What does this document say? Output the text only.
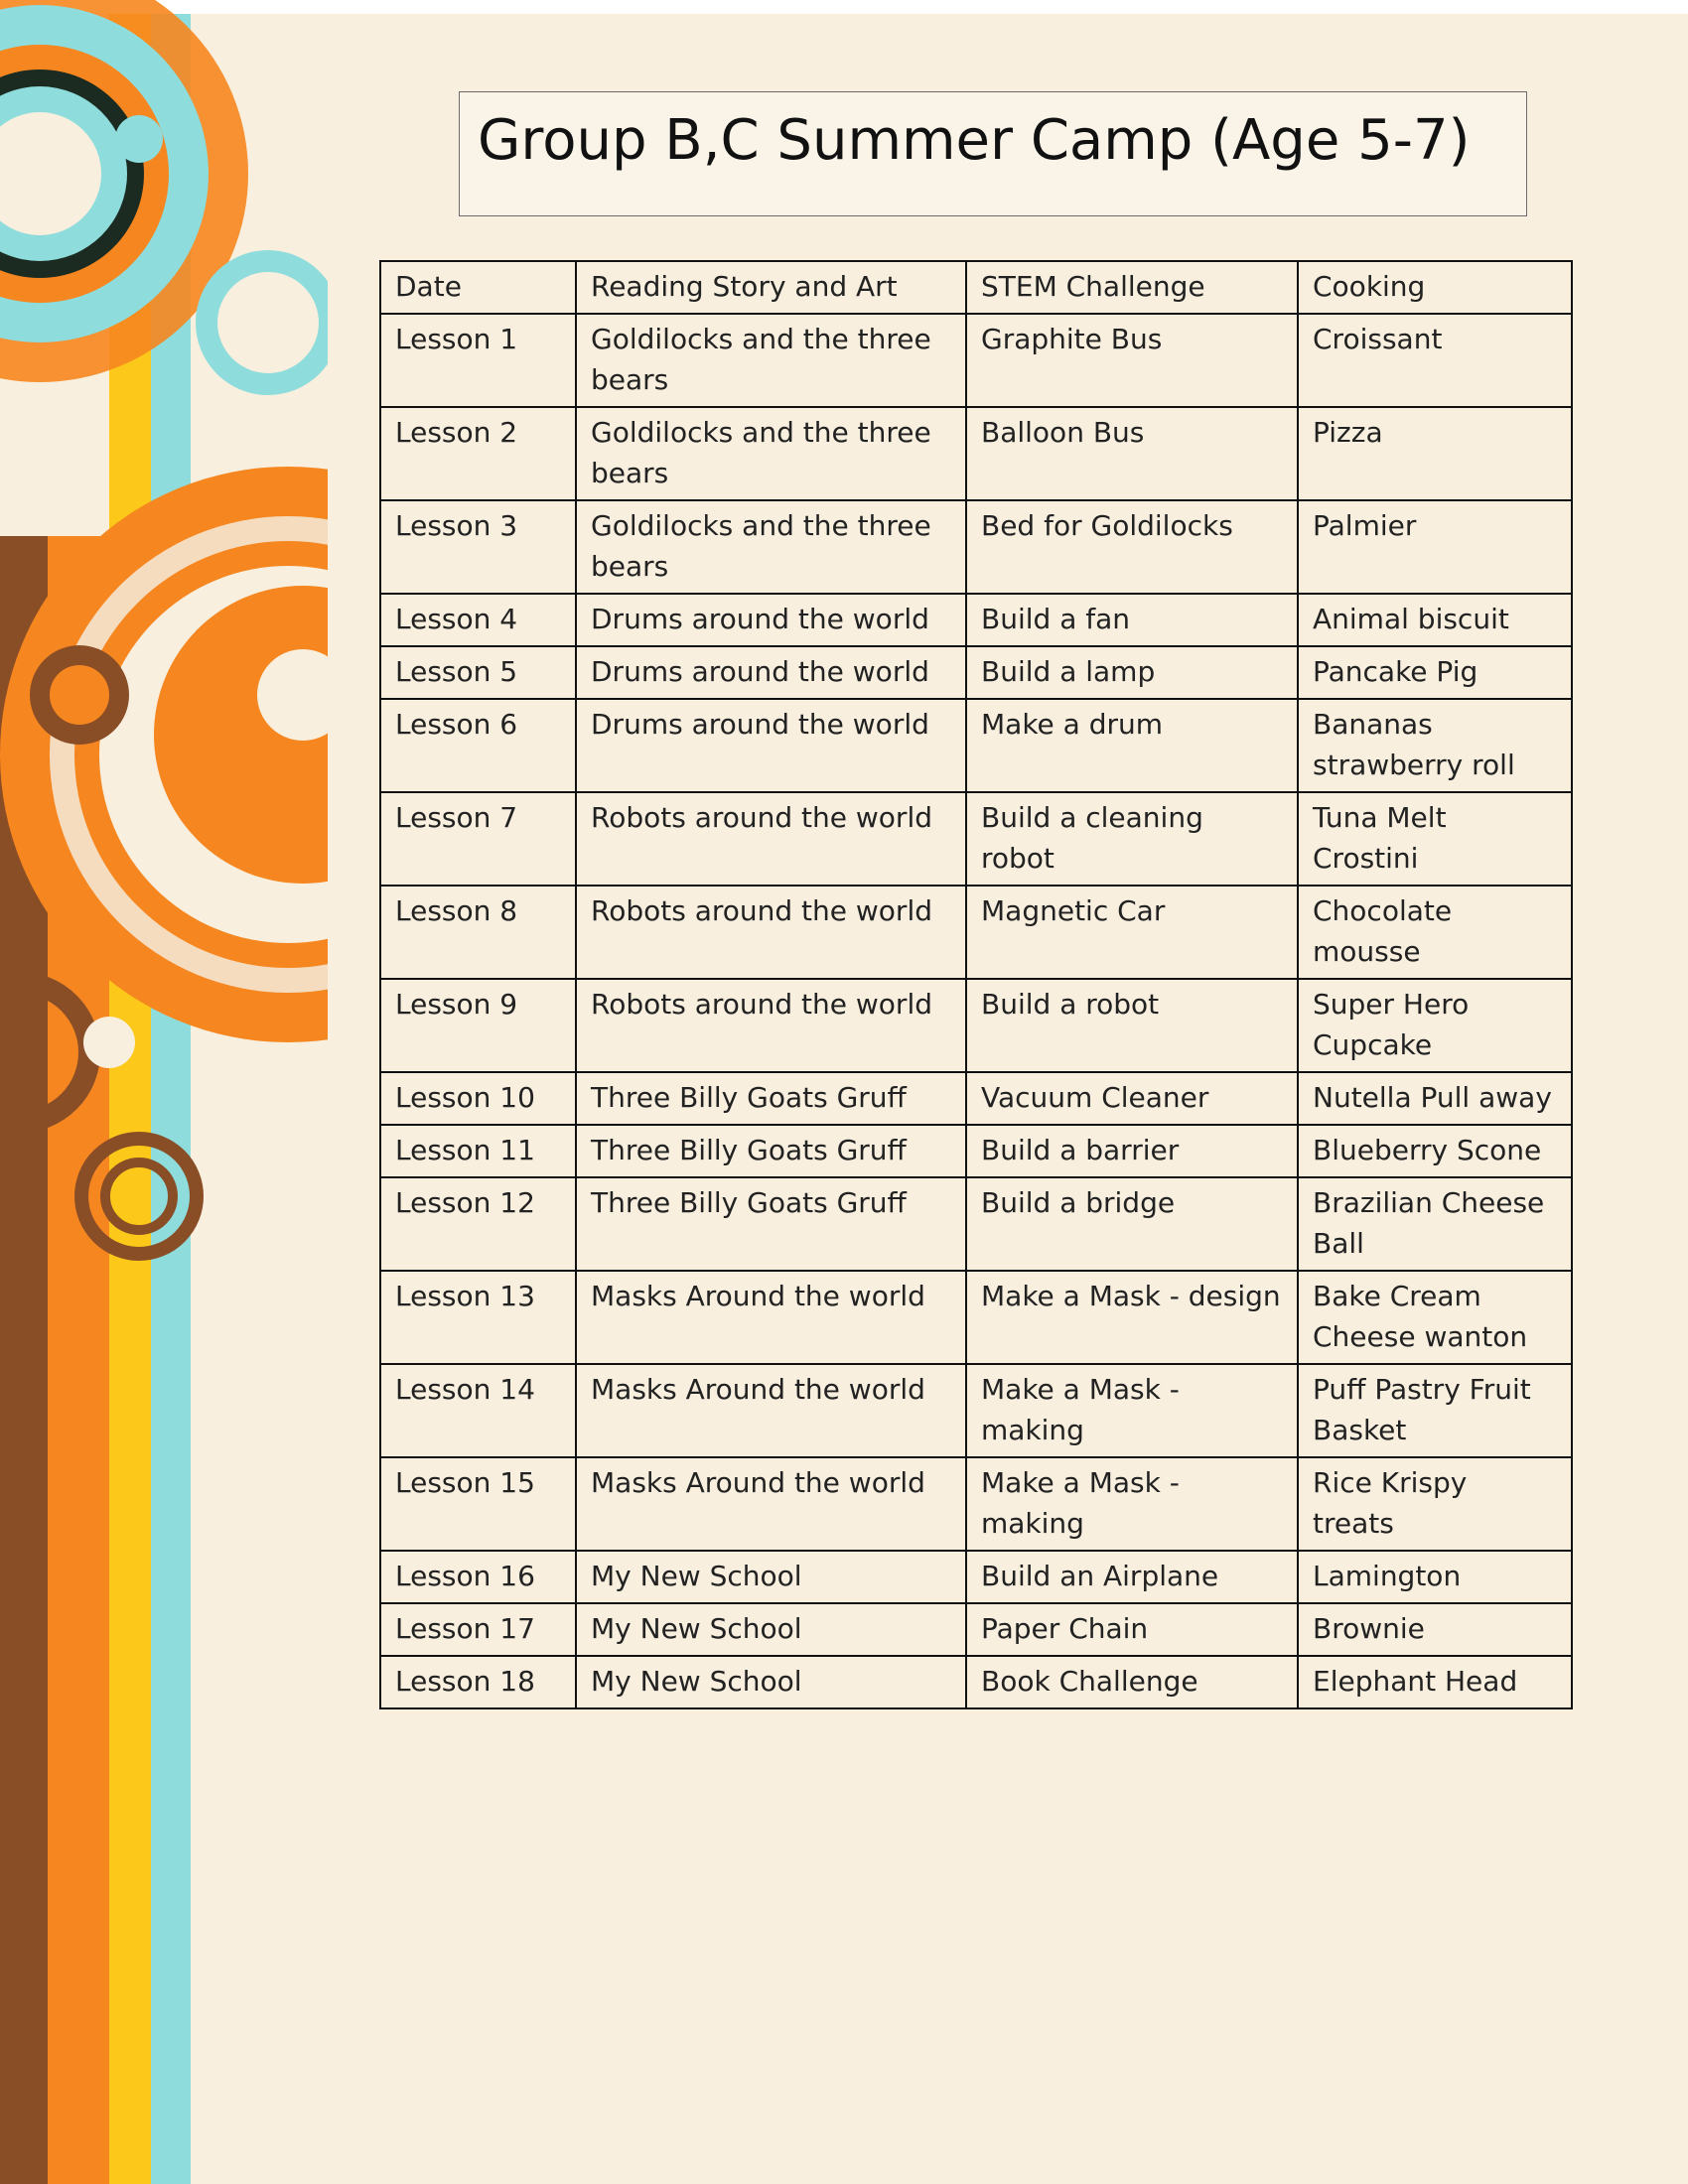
Group B,C Summer Camp (Age 5-7)
Date	Reading Story and Art	STEM Challenge	Cooking
Lesson 1	Goldilocks and the three bears	Graphite Bus	Croissant
Lesson 2	Goldilocks and the three bears	Balloon Bus	Pizza
Lesson 3	Goldilocks and the three bears	Bed for Goldilocks	Palmier
Lesson 4	Drums around the world	Build a fan	Animal biscuit
Lesson 5	Drums around the world	Build a lamp	Pancake Pig
Lesson 6	Drums around the world	Make a drum	Bananas strawberry roll
Lesson 7	Robots around the world	Build a cleaning robot	Tuna Melt Crostini
Lesson 8	Robots around the world	Magnetic Car	Chocolate mousse
Lesson 9	Robots around the world	Build a robot	Super Hero Cupcake
Lesson 10	Three Billy Goats Gruff	Vacuum Cleaner	Nutella Pull away
Lesson 11	Three Billy Goats Gruff	Build a barrier	Blueberry Scone
Lesson 12	Three Billy Goats Gruff	Build a bridge	Brazilian Cheese Ball
Lesson 13	Masks Around the world	Make a Mask - design	Bake Cream Cheese wanton
Lesson 14	Masks Around the world	Make a Mask - making	Puff Pastry Fruit Basket
Lesson 15	Masks Around the world	Make a Mask - making	Rice Krispy treats
Lesson 16	My New School	Build an Airplane	Lamington
Lesson 17	My New School	Paper Chain	Brownie
Lesson 18	My New School	Book Challenge	Elephant Head
